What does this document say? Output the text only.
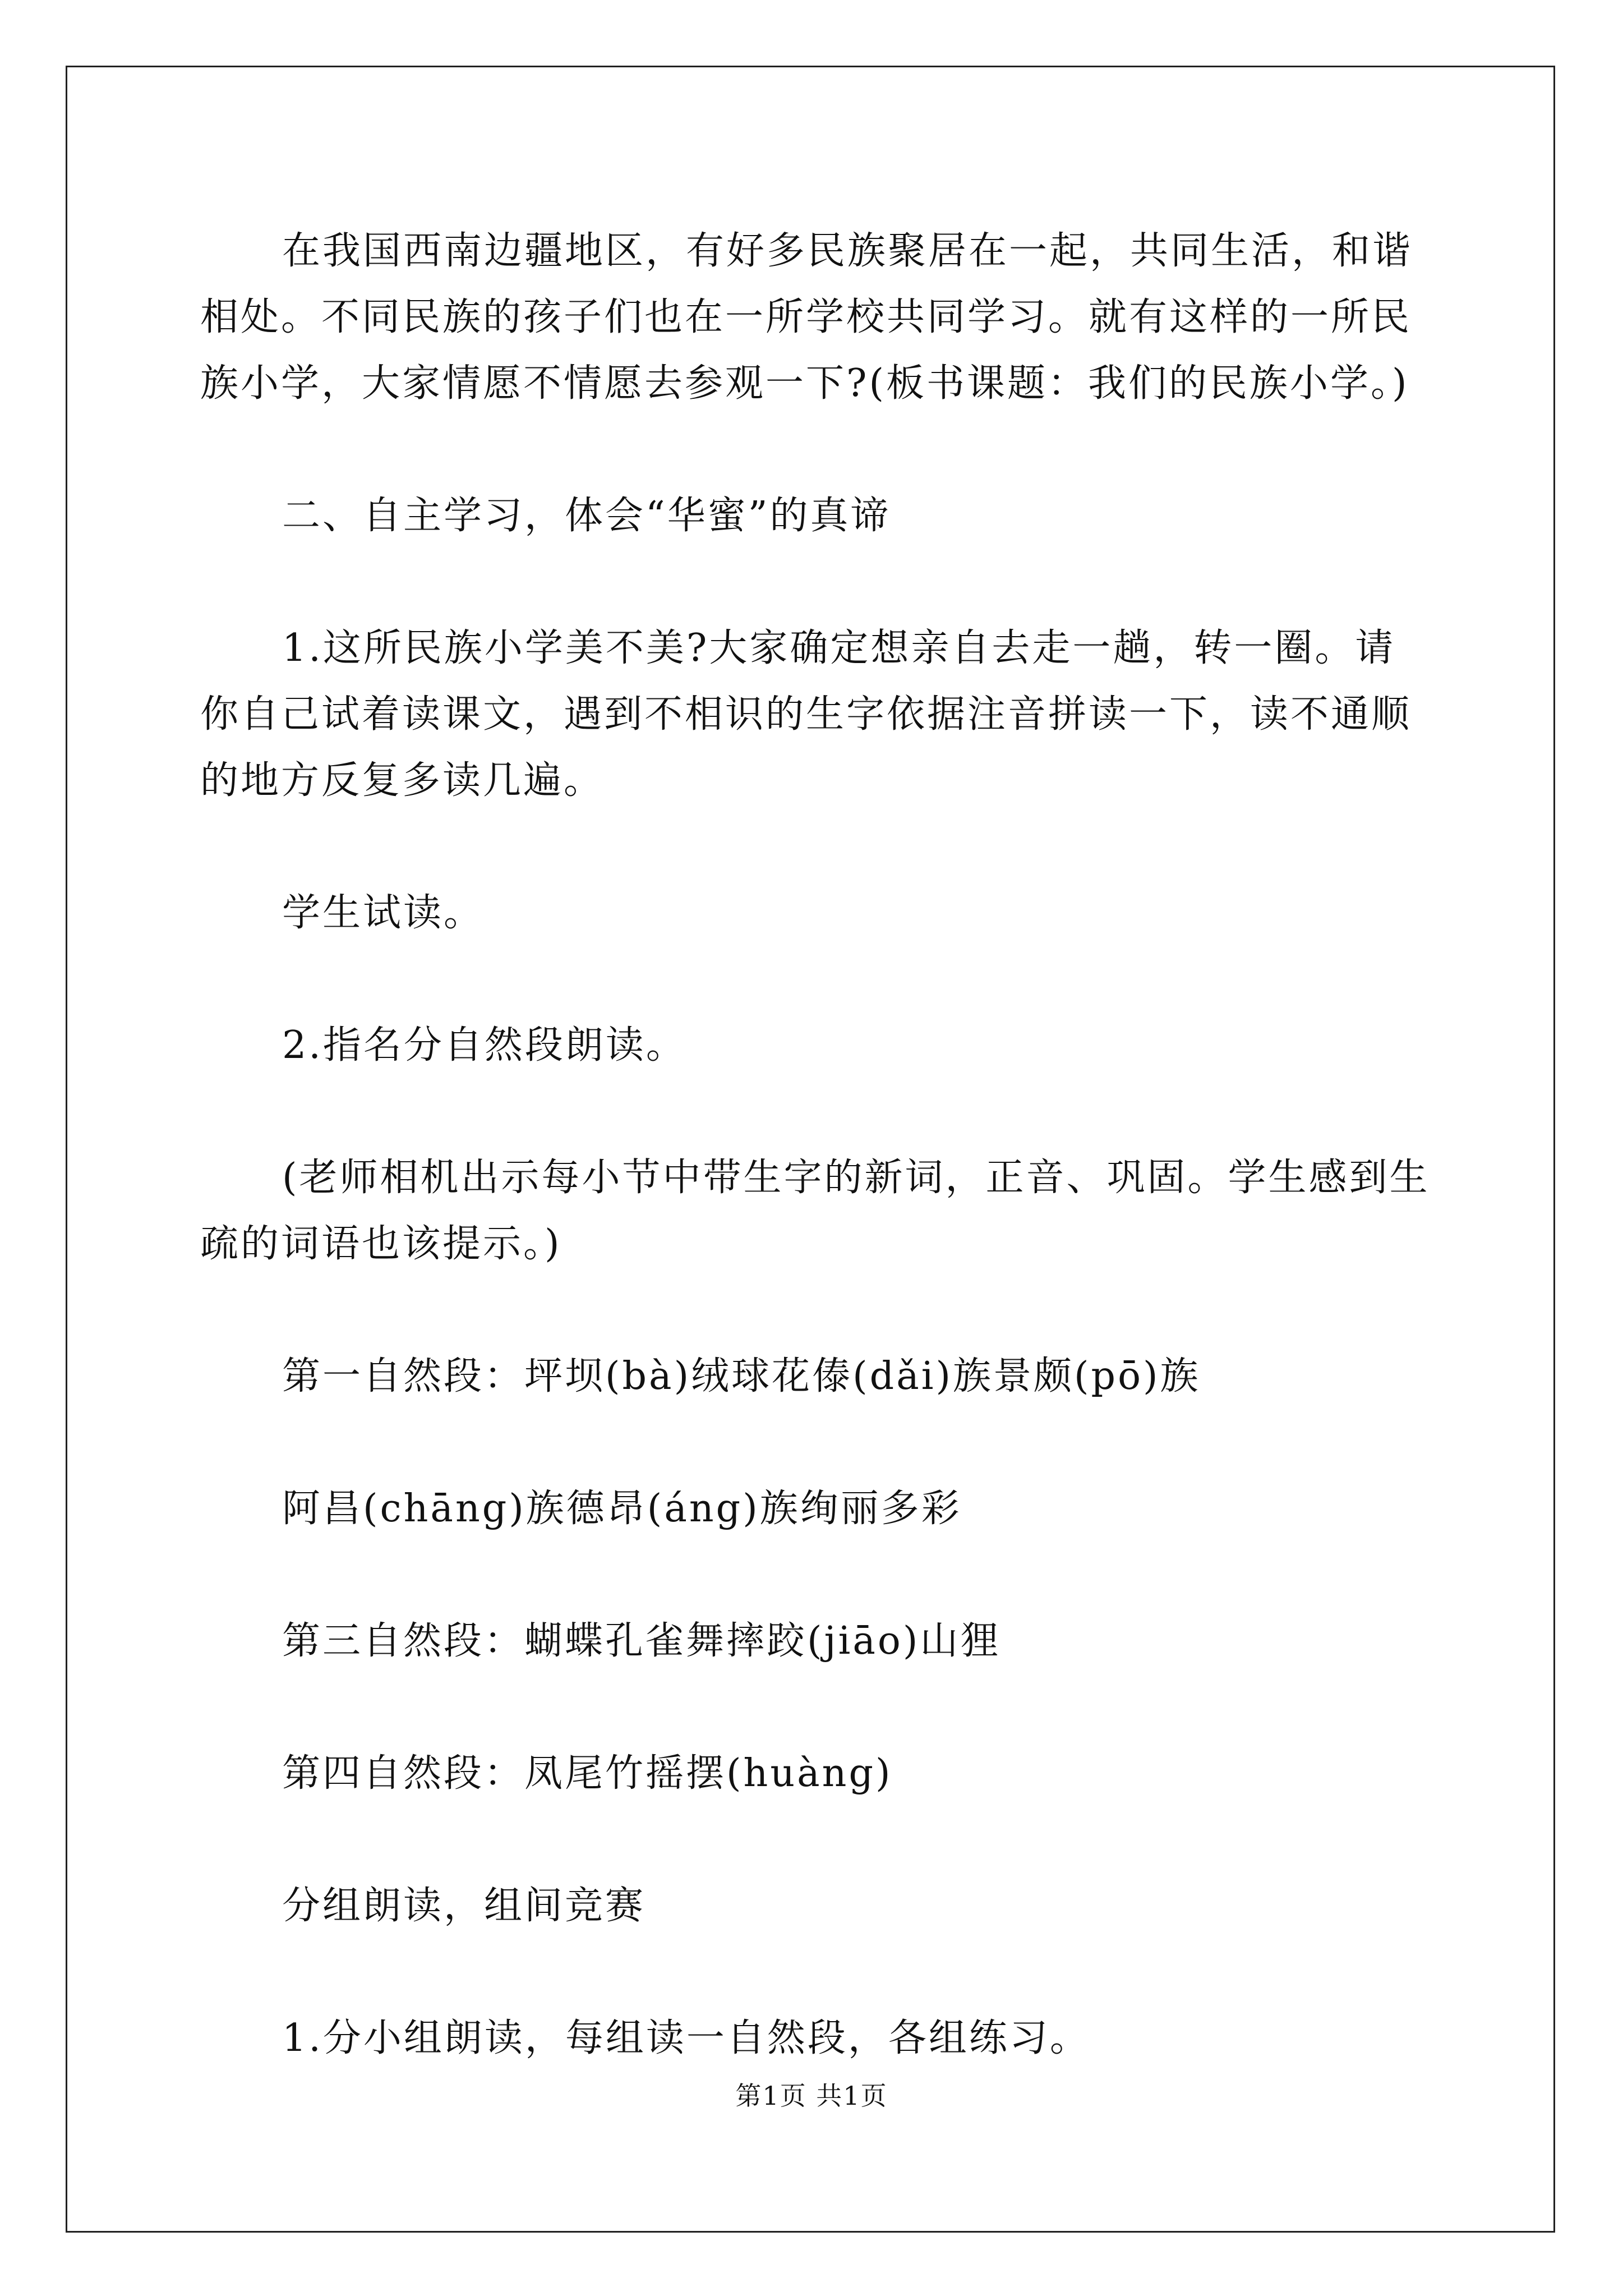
在我国西南边疆地区，有好多民族聚居在一起，共同生活，和谐相处。不同民族的孩子们也在一所学校共同学习。就有这样的一所民族小学，大家情愿不情愿去参观一下?(板书课题：我们的民族小学。)
二、自主学习，体会“华蜜”的真谛
1.这所民族小学美不美?大家确定想亲自去走一趟，转一圈。请你自己试着读课文，遇到不相识的生字依据注音拼读一下，读不通顺的地方反复多读几遍。
学生试读。
2.指名分自然段朗读。
(老师相机出示每小节中带生字的新词，正音、巩固。学生感到生疏的词语也该提示。)
第一自然段：坪坝(bà)绒球花傣(dǎi)族景颇(pō)族
阿昌(chāng)族德昂(áng)族绚丽多彩
第三自然段：蝴蝶孔雀舞摔跤(jiāo)山狸
第四自然段：凤尾竹摇摆(huàng)
分组朗读，组间竞赛
1.分小组朗读，每组读一自然段，各组练习。
第1页 共1页
